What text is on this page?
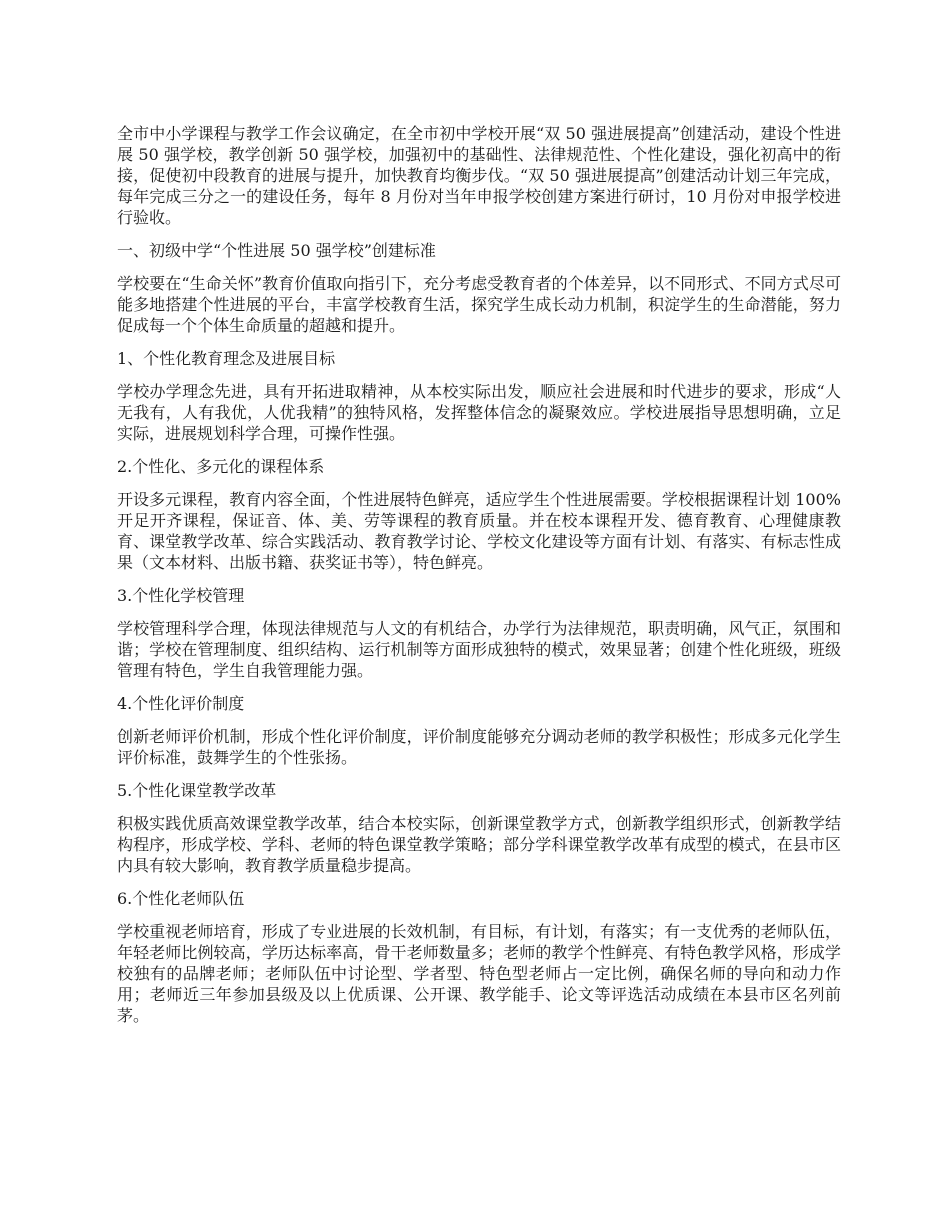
全市中小学课程与教学工作会议确定，在全市初中学校开展“双 50 强进展提高”创建活动，建设个性进展 50 强学校，教学创新 50 强学校，加强初中的基础性、法律规范性、个性化建设，强化初高中的衔接，促使初中段教育的进展与提升，加快教育均衡步伐。“双 50 强进展提高”创建活动计划三年完成，每年完成三分之一的建设任务，每年 8 月份对当年申报学校创建方案进行研讨，10 月份对申报学校进行验收。

一、初级中学“个性进展 50 强学校”创建标准

学校要在“生命关怀”教育价值取向指引下，充分考虑受教育者的个体差异，以不同形式、不同方式尽可能多地搭建个性进展的平台，丰富学校教育生活，探究学生成长动力机制，积淀学生的生命潜能，努力促成每一个个体生命质量的超越和提升。

1、个性化教育理念及进展目标

学校办学理念先进，具有开拓进取精神，从本校实际出发，顺应社会进展和时代进步的要求，形成“人无我有，人有我优，人优我精”的独特风格，发挥整体信念的凝聚效应。学校进展指导思想明确，立足实际，进展规划科学合理，可操作性强。

2.个性化、多元化的课程体系

开设多元课程，教育内容全面，个性进展特色鲜亮，适应学生个性进展需要。学校根据课程计划 100%开足开齐课程，保证音、体、美、劳等课程的教育质量。并在校本课程开发、德育教育、心理健康教育、课堂教学改革、综合实践活动、教育教学讨论、学校文化建设等方面有计划、有落实、有标志性成果（文本材料、出版书籍、获奖证书等），特色鲜亮。

3.个性化学校管理

学校管理科学合理，体现法律规范与人文的有机结合，办学行为法律规范，职责明确，风气正，氛围和谐；学校在管理制度、组织结构、运行机制等方面形成独特的模式，效果显著；创建个性化班级，班级管理有特色，学生自我管理能力强。

4.个性化评价制度

创新老师评价机制，形成个性化评价制度，评价制度能够充分调动老师的教学积极性；形成多元化学生评价标准，鼓舞学生的个性张扬。

5.个性化课堂教学改革

积极实践优质高效课堂教学改革，结合本校实际，创新课堂教学方式，创新教学组织形式，创新教学结构程序，形成学校、学科、老师的特色课堂教学策略；部分学科课堂教学改革有成型的模式，在县市区内具有较大影响，教育教学质量稳步提高。

6.个性化老师队伍

学校重视老师培育，形成了专业进展的长效机制，有目标，有计划，有落实；有一支优秀的老师队伍，年轻老师比例较高，学历达标率高，骨干老师数量多；老师的教学个性鲜亮、有特色教学风格，形成学校独有的品牌老师；老师队伍中讨论型、学者型、特色型老师占一定比例，确保名师的导向和动力作用；老师近三年参加县级及以上优质课、公开课、教学能手、论文等评选活动成绩在本县市区名列前茅。
